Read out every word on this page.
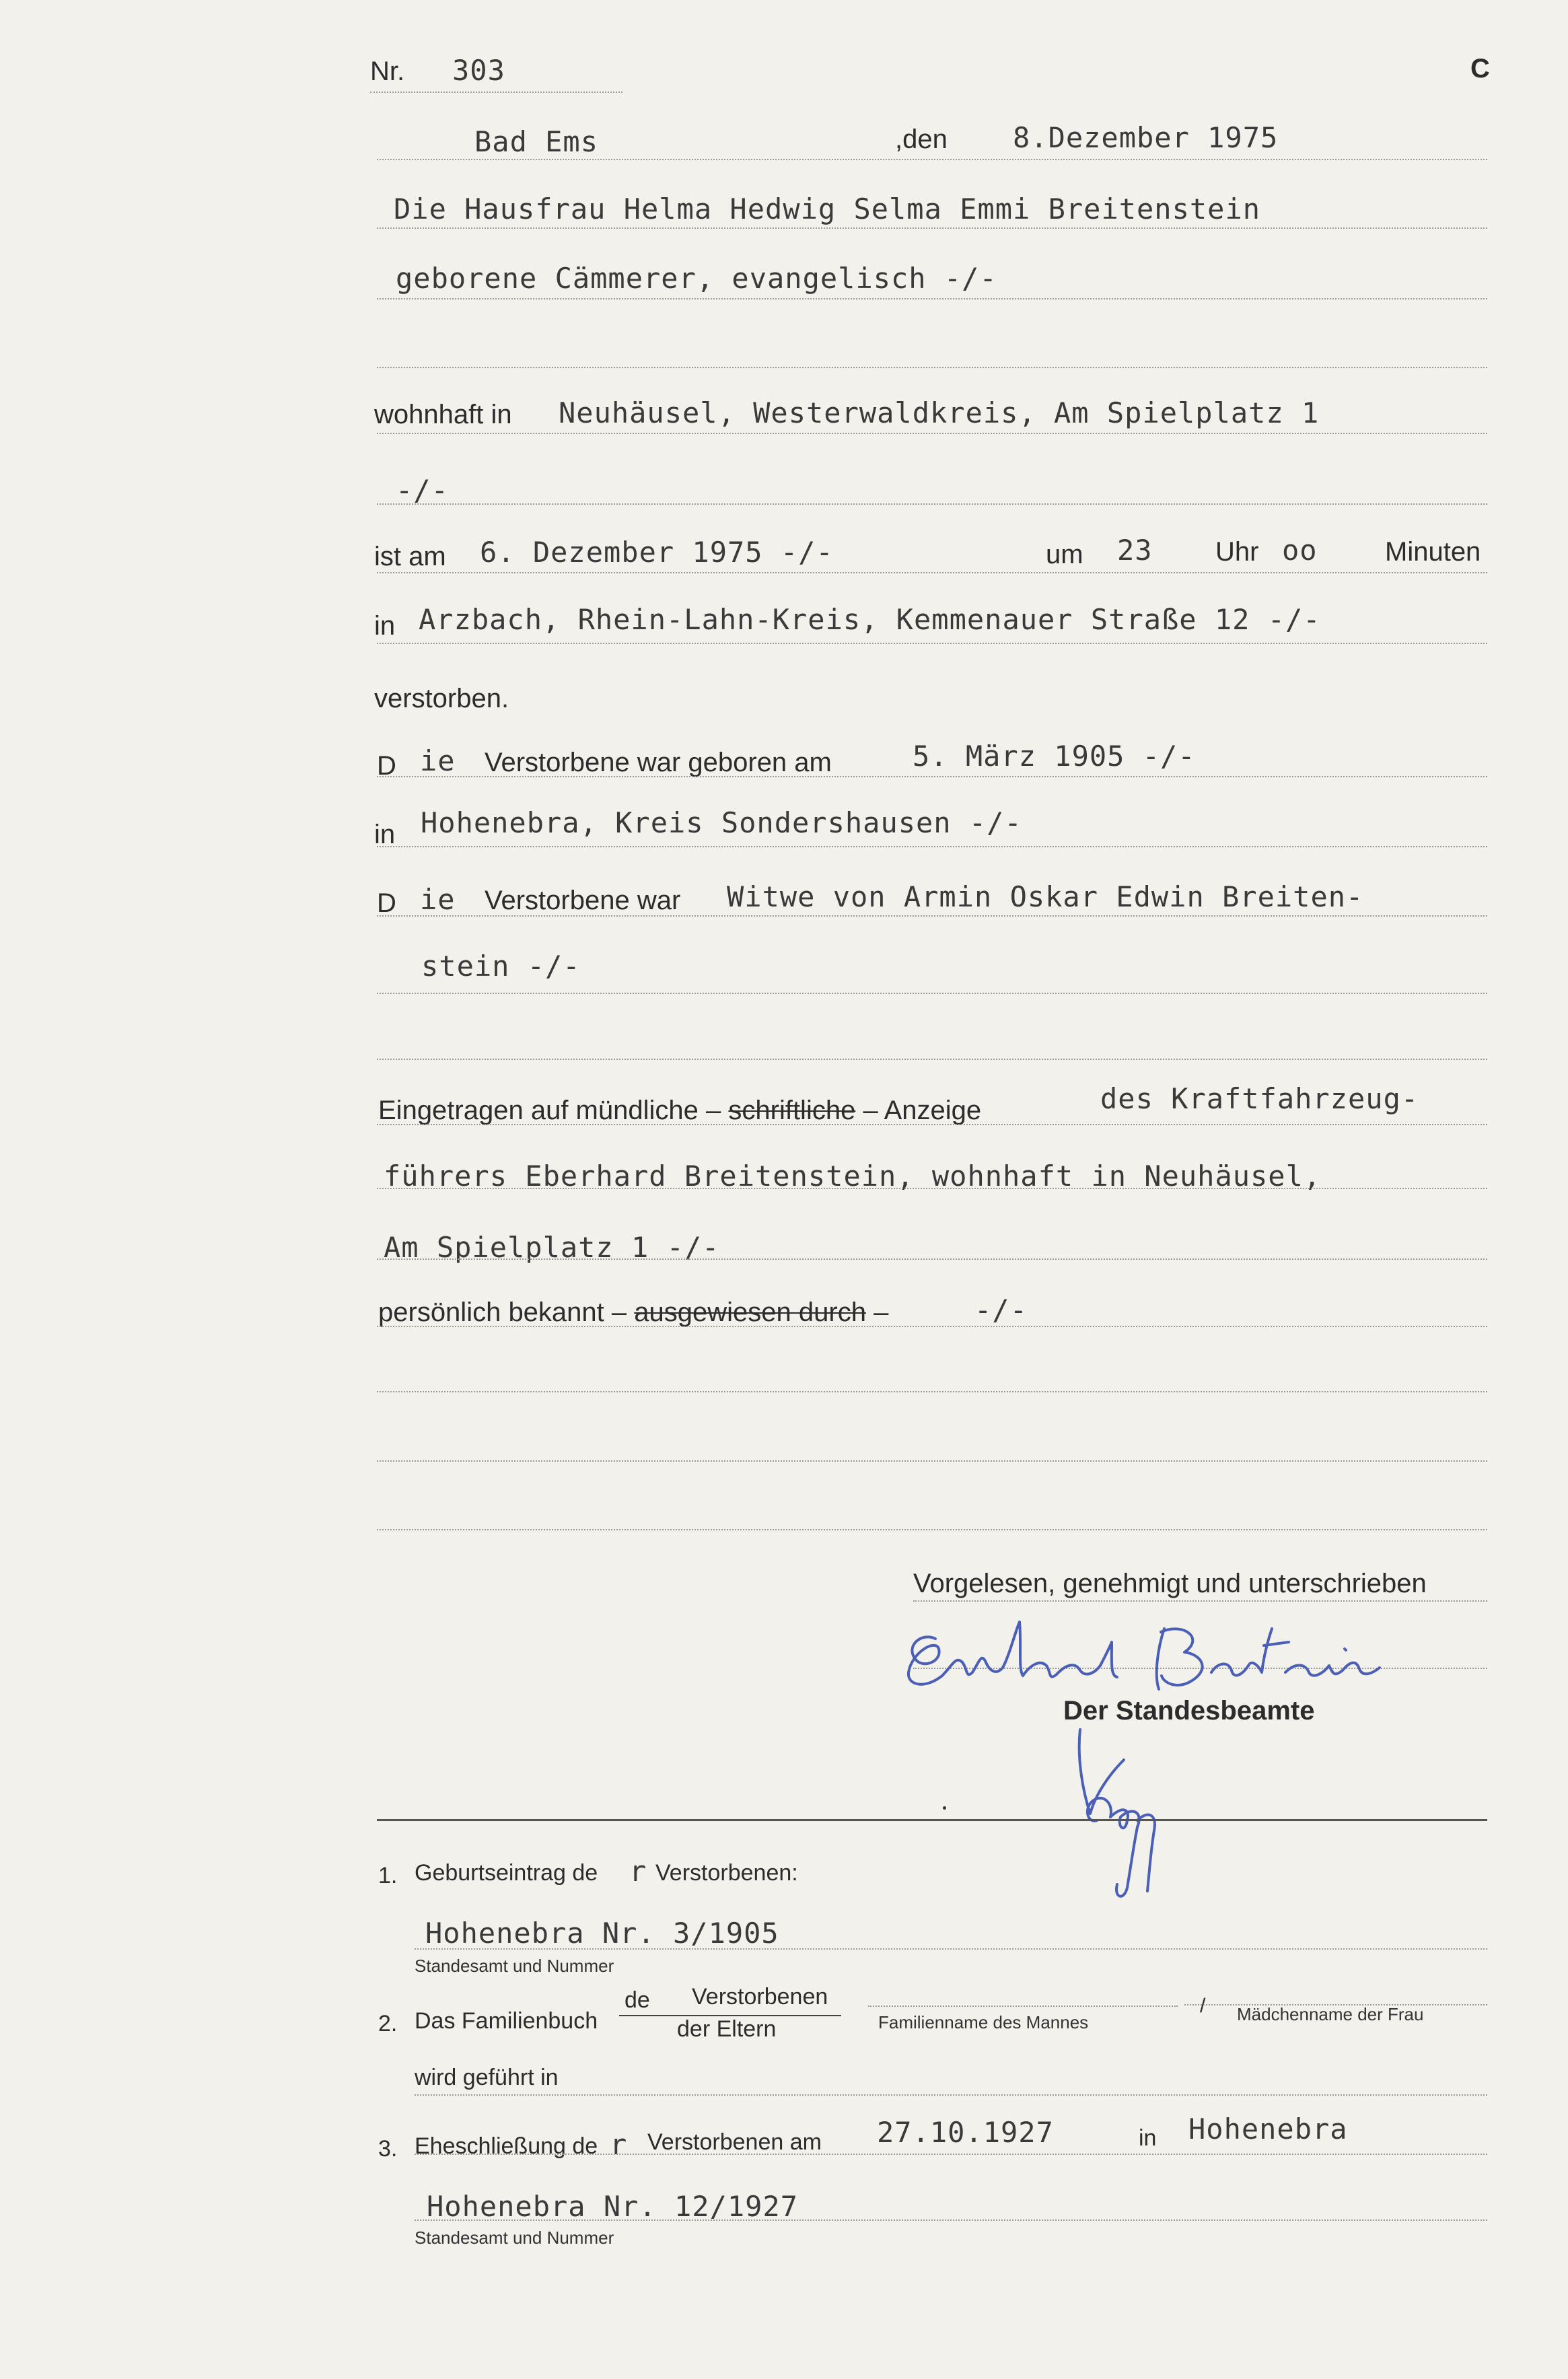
Nr. 303	C
Bad Ems	,den 8.Dezember 1975
Die Hausfrau Helma Hedwig Selma Emmi Breitenstein
geborene Cämmerer, evangelisch -/-
wohnhaft in Neuhäusel, Westerwaldkreis, Am Spielplatz 1
-/-
ist am 6. Dezember 1975 -/-	um 23 Uhr oo	Minuten
in Arzbach, Rhein-Lahn-Kreis, Kemmenauer Straße 12 -/-
verstorben.
D ie Verstorbene war geboren am	5. März 1905 -/-
in Hohenebra, Kreis Sondershausen -/-
D ie Verstorbene war Witwe von Armin Oskar Edwin Breiten-
stein -/-
Eingetragen auf mündliche – schriftliche – Anzeige	des Kraftfahrzeug-
führers Eberhard Breitenstein, wohnhaft in Neuhäusel,
Am Spielplatz 1 -/-
persönlich bekannt – ausgewiesen durch –	-/-
Vorgelesen, genehmigt und unterschrieben
Der Standesbeamte
1. Geburtseintrag de r Verstorbenen:
Hohenebra Nr. 3/1905
Standesamt und Nummer
2. Das Familienbuch
de Verstorbenen
der Eltern	Familienname des Mannes
/ Mädchenname der Frau
wird geführt in
3. Eheschließung de r Verstorbenen am 27.10.1927	in Hohenebra
Hohenebra Nr. 12/1927
Standesamt und Nummer
